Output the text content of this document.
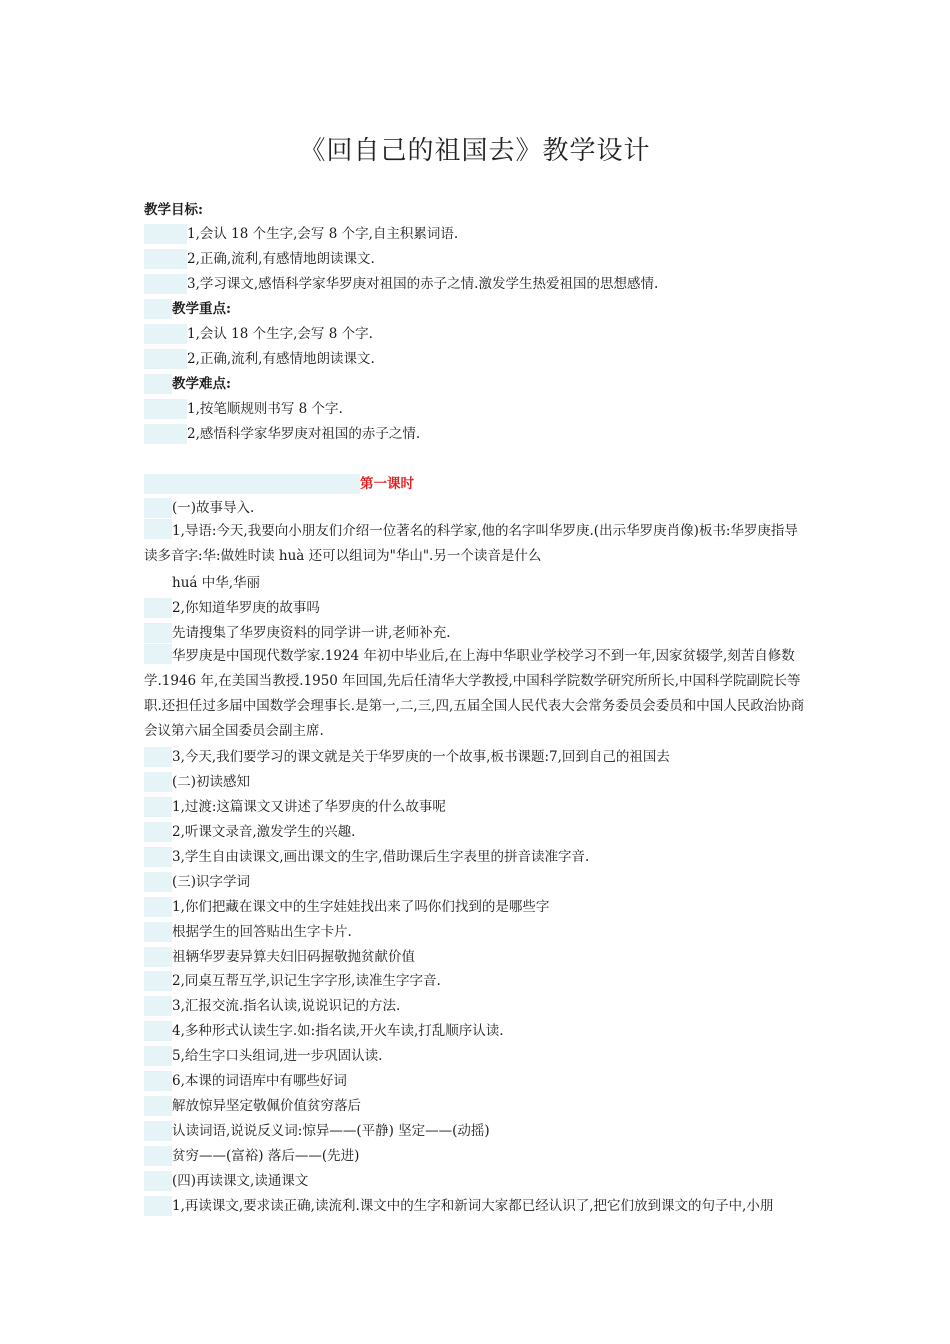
《回自己的祖国去》教学设计
教学目标:
1,会认 18 个生字,会写 8 个字,自主积累词语.
2,正确,流利,有感情地朗读课文.
3,学习课文,感悟科学家华罗庚对祖国的赤子之情.激发学生热爱祖国的思想感情.
教学重点:
1,会认 18 个生字,会写 8 个字.
2,正确,流利,有感情地朗读课文.
教学难点:
1,按笔顺规则书写 8 个字.
2,感悟科学家华罗庚对祖国的赤子之情.
第一课时
(一)故事导入.
1,导语:今天,我要向小朋友们介绍一位著名的科学家,他的名字叫华罗庚.(出示华罗庚肖像)板书:华罗庚指导读多音字:华:做姓时读 huà 还可以组词为"华山".另一个读音是什么
huá 中华,华丽
2,你知道华罗庚的故事吗
先请搜集了华罗庚资料的同学讲一讲,老师补充.
华罗庚是中国现代数学家.1924 年初中毕业后,在上海中华职业学校学习不到一年,因家贫辍学,刻苦自修数学.1946 年,在美国当教授.1950 年回国,先后任清华大学教授,中国科学院数学研究所所长,中国科学院副院长等职.还担任过多届中国数学会理事长.是第一,二,三,四,五届全国人民代表大会常务委员会委员和中国人民政治协商会议第六届全国委员会副主席.
3,今天,我们要学习的课文就是关于华罗庚的一个故事,板书课题:7,回到自己的祖国去
(二)初读感知
1,过渡:这篇课文又讲述了华罗庚的什么故事呢
2,听课文录音,激发学生的兴趣.
3,学生自由读课文,画出课文的生字,借助课后生字表里的拼音读准字音.
(三)识字学词
1,你们把藏在课文中的生字娃娃找出来了吗你们找到的是哪些字
根据学生的回答贴出生字卡片.
祖辆华罗妻异算夫妇旧码握敬抛贫献价值
2,同桌互帮互学,识记生字字形,读准生字字音.
3,汇报交流.指名认读,说说识记的方法.
4,多种形式认读生字.如:指名读,开火车读,打乱顺序认读.
5,给生字口头组词,进一步巩固认读.
6,本课的词语库中有哪些好词
解放惊异坚定敬佩价值贫穷落后
认读词语,说说反义词:惊异——(平静) 坚定——(动摇)
贫穷——(富裕) 落后——(先进)
(四)再读课文,读通课文
1,再读课文,要求读正确,读流利.课文中的生字和新词大家都已经认识了,把它们放到课文的句子中,小朋
